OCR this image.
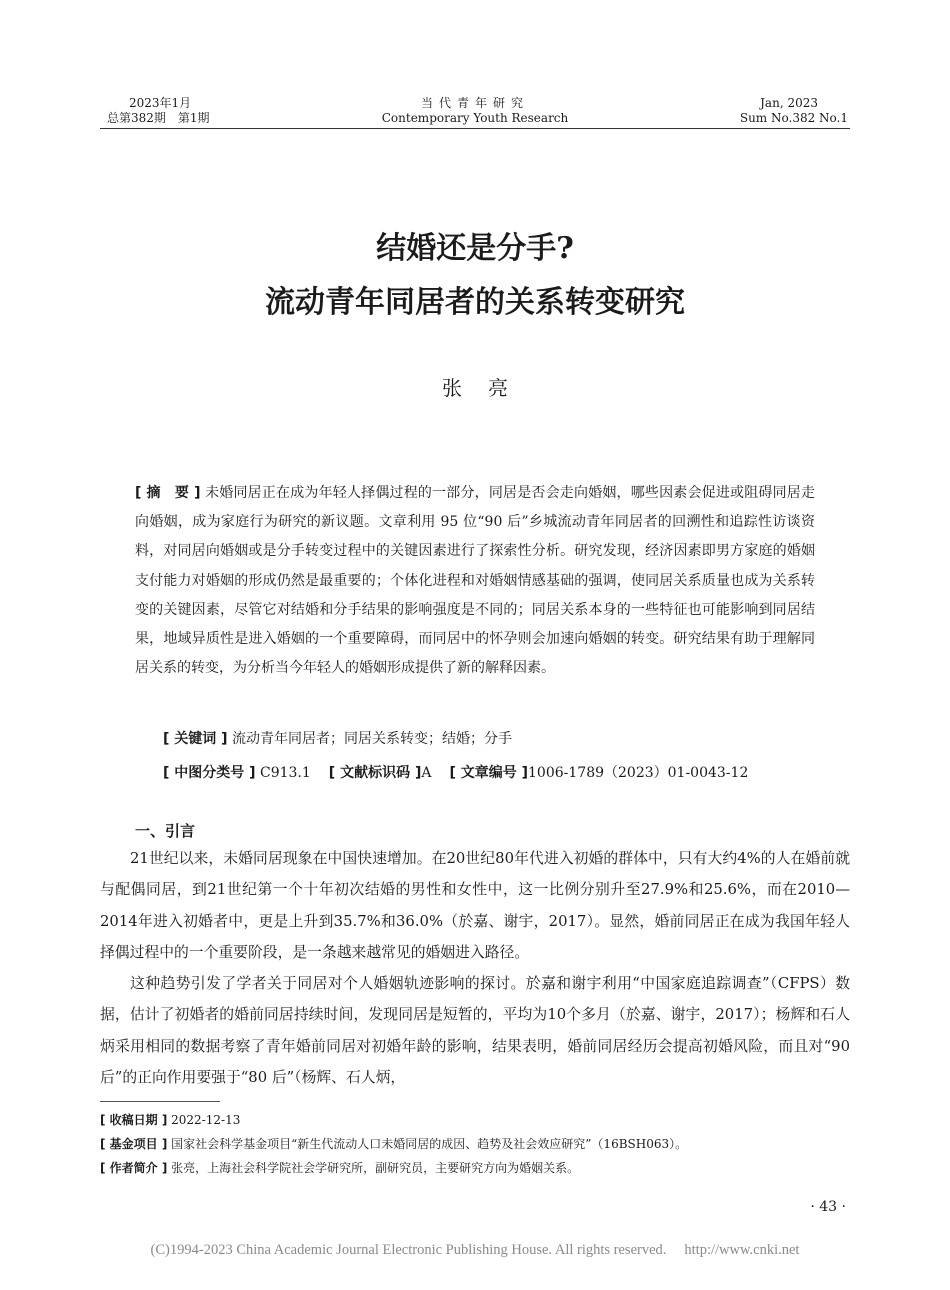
2023年1月
总第382期　第1期
当代青年研究
Contemporary Youth Research
Jan, 2023
Sum No.382 No.1
结婚还是分手?
流动青年同居者的关系转变研究
张亮

[ 摘　要 ] 未婚同居正在成为年轻人择偶过程的一部分，同居是否会走向婚姻，哪些因素会促进或阻碍同居走向婚姻，成为家庭行为研究的新议题。文章利用 95 位“90 后”乡城流动青年同居者的回溯性和追踪性访谈资料，对同居向婚姻或是分手转变过程中的关键因素进行了探索性分析。研究发现，经济因素即男方家庭的婚姻支付能力对婚姻的形成仍然是最重要的；个体化进程和对婚姻情感基础的强调，使同居关系质量也成为关系转变的关键因素，尽管它对结婚和分手结果的影响强度是不同的；同居关系本身的一些特征也可能影响到同居结果，地域异质性是进入婚姻的一个重要障碍，而同居中的怀孕则会加速向婚姻的转变。研究结果有助于理解同居关系的转变，为分析当今年轻人的婚姻形成提供了新的解释因素。

[ 关键词 ] 流动青年同居者；同居关系转变；结婚；分手

[ 中图分类号 ] C913.1 [ 文献标识码 ]A [ 文章编号 ]1006-1789（2023）01-0043-12

一、引言

21世纪以来，未婚同居现象在中国快速增加。在20世纪80年代进入初婚的群体中，只有大约4%的人在婚前就与配偶同居，到21世纪第一个十年初次结婚的男性和女性中，这一比例分别升至27.9%和25.6%，而在2010—2014年进入初婚者中，更是上升到35.7%和36.0%（於嘉、谢宇，2017）。显然，婚前同居正在成为我国年轻人择偶过程中的一个重要阶段，是一条越来越常见的婚姻进入路径。

这种趋势引发了学者关于同居对个人婚姻轨迹影响的探讨。於嘉和谢宇利用“中国家庭追踪调查”（CFPS）数据，估计了初婚者的婚前同居持续时间，发现同居是短暂的，平均为10个多月（於嘉、谢宇，2017）；杨辉和石人炳采用相同的数据考察了青年婚前同居对初婚年龄的影响，结果表明，婚前同居经历会提高初婚风险，而且对“90 后”的正向作用要强于“80 后”（杨辉、石人炳，

[ 收稿日期 ] 2022-12-13

[ 基金项目 ] 国家社会科学基金项目“新生代流动人口未婚同居的成因、趋势及社会效应研究”（16BSH063）。

[ 作者简介 ] 张亮，上海社会科学院社会学研究所，副研究员，主要研究方向为婚姻关系。

· 43 ·
(C)1994-2023 China Academic Journal Electronic Publishing House. All rights reserved. http://www.cnki.net
